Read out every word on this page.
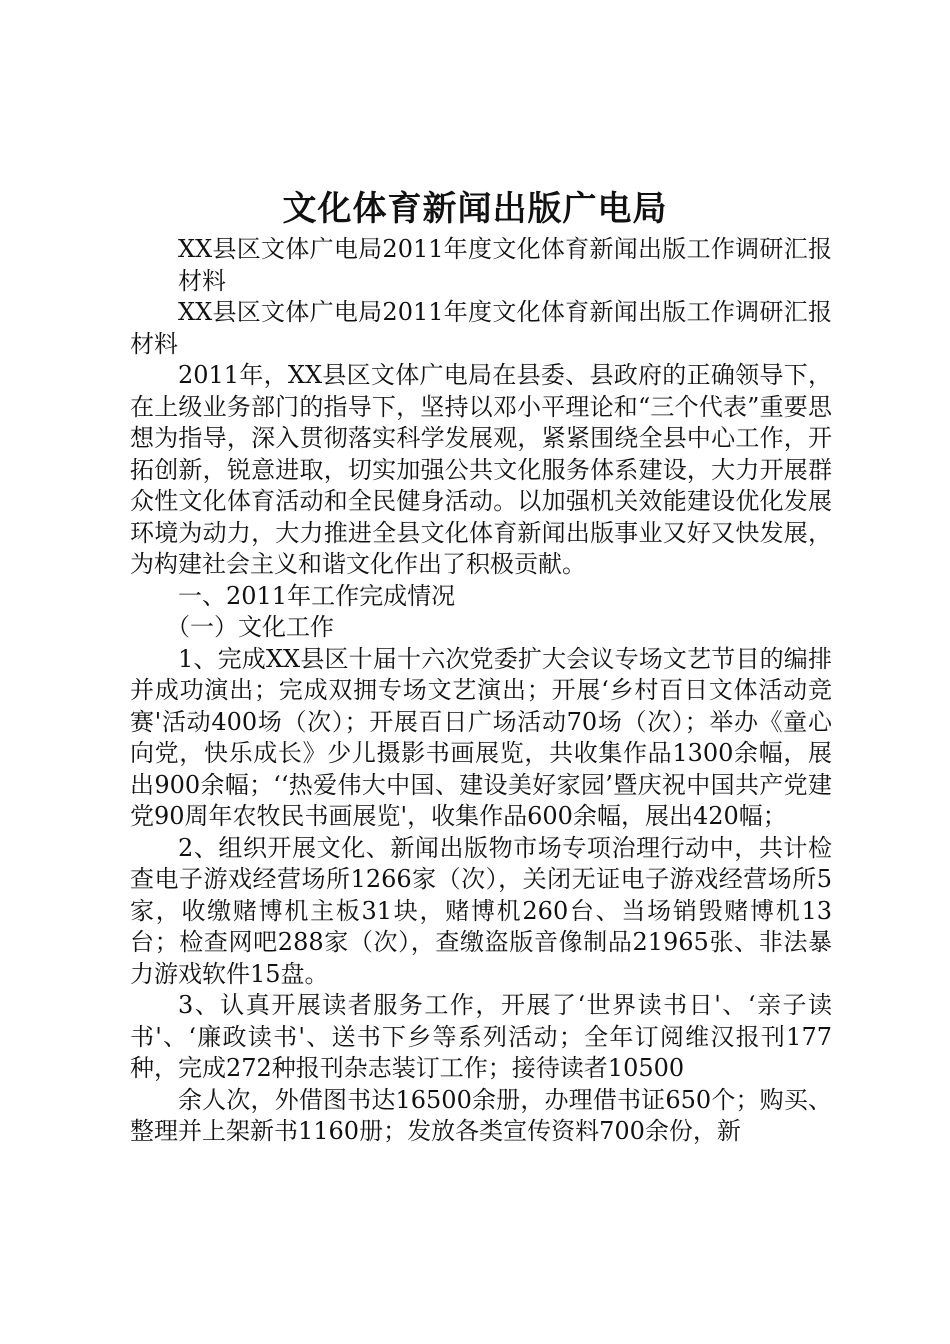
文化体育新闻出版广电局

XX县区文体广电局2011年度文化体育新闻出版工作调研汇报材料

XX县区文体广电局2011年度文化体育新闻出版工作调研汇报材料

2011年，XX县区文体广电局在县委、县政府的正确领导下，在上级业务部门的指导下，坚持以邓小平理论和“三个代表”重要思想为指导，深入贯彻落实科学发展观，紧紧围绕全县中心工作，开拓创新，锐意进取，切实加强公共文化服务体系建设，大力开展群众性文化体育活动和全民健身活动。以加强机关效能建设优化发展环境为动力，大力推进全县文化体育新闻出版事业又好又快发展，为构建社会主义和谐文化作出了积极贡献。

一、2011年工作完成情况

（一）文化工作

1、完成XX县区十届十六次党委扩大会议专场文艺节目的编排并成功演出；完成双拥专场文艺演出；开展‘乡村百日文体活动竞赛'活动400场（次）；开展百日广场活动70场（次）；举办《童心向党，快乐成长》少儿摄影书画展览，共收集作品1300余幅，展出900余幅；‘‘热爱伟大中国、建设美好家园’暨庆祝中国共产党建党90周年农牧民书画展览'，收集作品600余幅，展出420幅；

2、组织开展文化、新闻出版物市场专项治理行动中，共计检查电子游戏经营场所1266家（次），关闭无证电子游戏经营场所5家，收缴赌博机主板31块，赌博机260台、当场销毁赌博机13台；检查网吧288家（次），查缴盗版音像制品21965张、非法暴力游戏软件15盘。

3、认真开展读者服务工作，开展了‘世界读书日'、‘亲子读书'、‘廉政读书'、送书下乡等系列活动；全年订阅维汉报刊177种，完成272种报刊杂志装订工作；接待读者10500

余人次，外借图书达16500余册，办理借书证650个；购买、整理并上架新书1160册；发放各类宣传资料700余份，新
